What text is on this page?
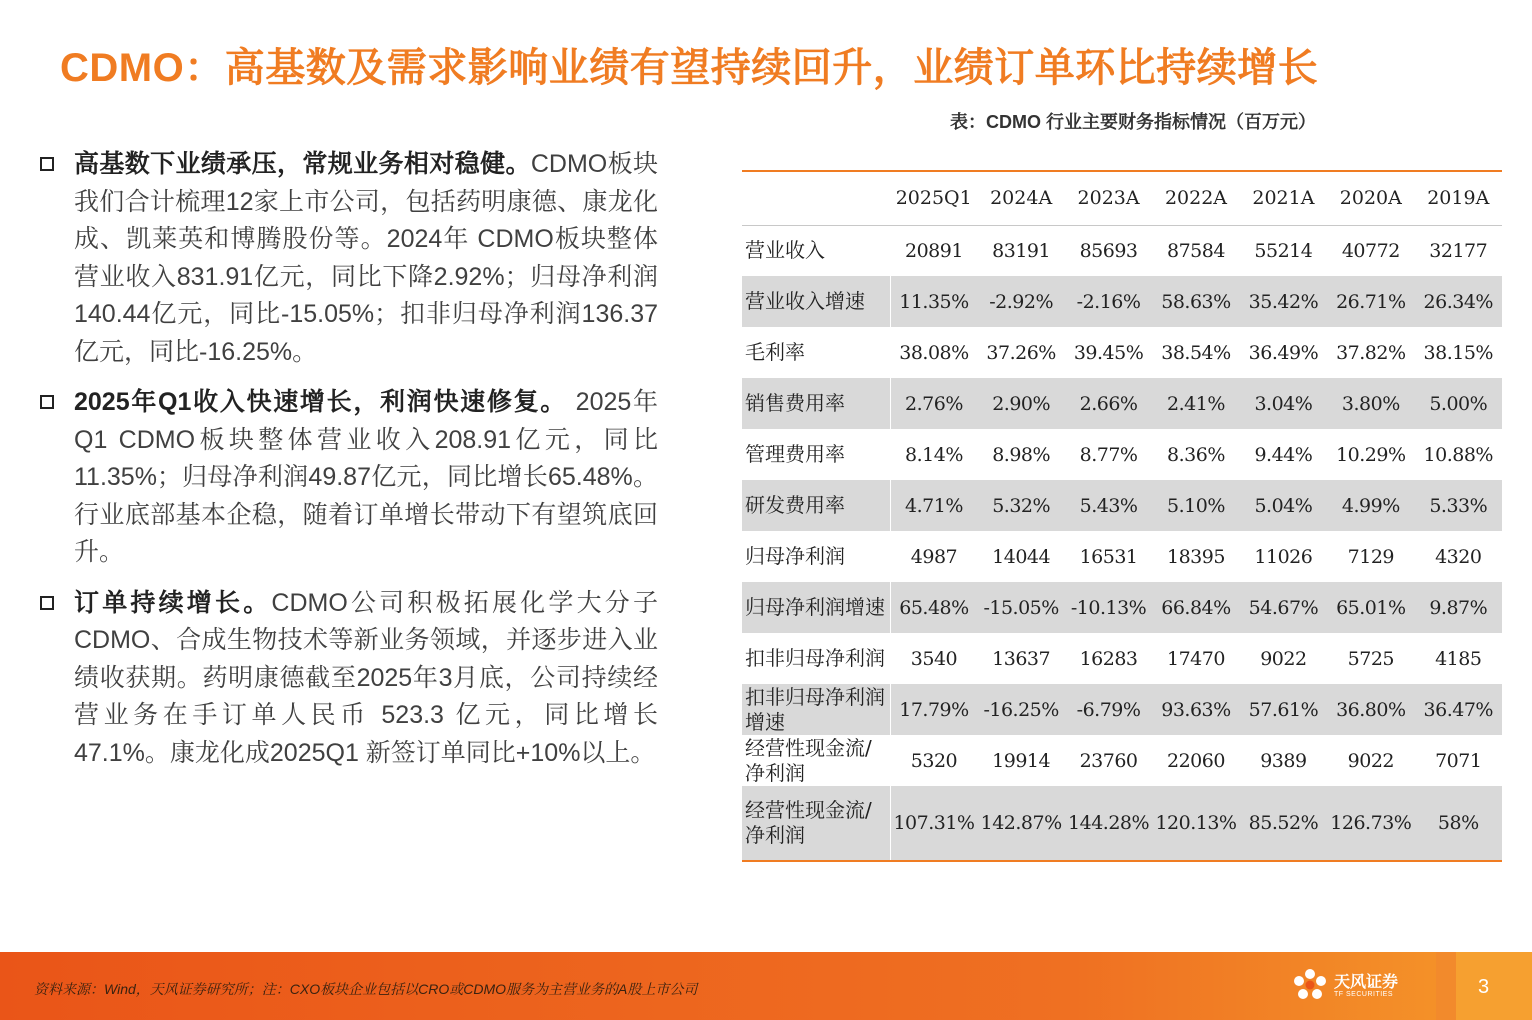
CDMO：高基数及需求影响业绩有望持续回升，业绩订单环比持续增长
高基数下业绩承压，常规业务相对稳健。CDMO板块我们合计梳理12家上市公司，包括药明康德、康龙化成、凯莱英和博腾股份等。2024年 CDMO板块整体营业收入831.91亿元，同比下降2.92%；归母净利润140.44亿元，同比-15.05%；扣非归母净利润136.37亿元，同比-16.25%。
2025年Q1收入快速增长，利润快速修复。 2025年Q1 CDMO板块整体营业收入208.91亿元，同比11.35%；归母净利润49.87亿元，同比增长65.48%。行业底部基本企稳，随着订单增长带动下有望筑底回升。
订单持续增长。CDMO公司积极拓展化学大分子CDMO、合成生物技术等新业务领域，并逐步进入业绩收获期。药明康德截至2025年3月底，公司持续经营业务在手订单人民币 523.3 亿元，同比增长47.1%。康龙化成2025Q1 新签订单同比+10%以上。
表：CDMO 行业主要财务指标情况（百万元）
	2025Q1	2024A	2023A	2022A	2021A	2020A	2019A
营业收入	20891	83191	85693	87584	55214	40772	32177
营业收入增速	11.35%	-2.92%	-2.16%	58.63%	35.42%	26.71%	26.34%
毛利率	38.08%	37.26%	39.45%	38.54%	36.49%	37.82%	38.15%
销售费用率	2.76%	2.90%	2.66%	2.41%	3.04%	3.80%	5.00%
管理费用率	8.14%	8.98%	8.77%	8.36%	9.44%	10.29%	10.88%
研发费用率	4.71%	5.32%	5.43%	5.10%	5.04%	4.99%	5.33%
归母净利润	4987	14044	16531	18395	11026	7129	4320
归母净利润增速	65.48%	-15.05%	-10.13%	66.84%	54.67%	65.01%	9.87%
扣非归母净利润	3540	13637	16283	17470	9022	5725	4185
扣非归母净利润增速	17.79%	-16.25%	-6.79%	93.63%	57.61%	36.80%	36.47%
经营性现金流/净利润	5320	19914	23760	22060	9389	9022	7071
经营性现金流/净利润	107.31%	142.87%	144.28%	120.13%	85.52%	126.73%	58%
资料来源：Wind，天风证券研究所；注：CXO板块企业包括以CRO或CDMO服务为主营业务的A股上市公司	天风证券
TF SECURITIES	3
